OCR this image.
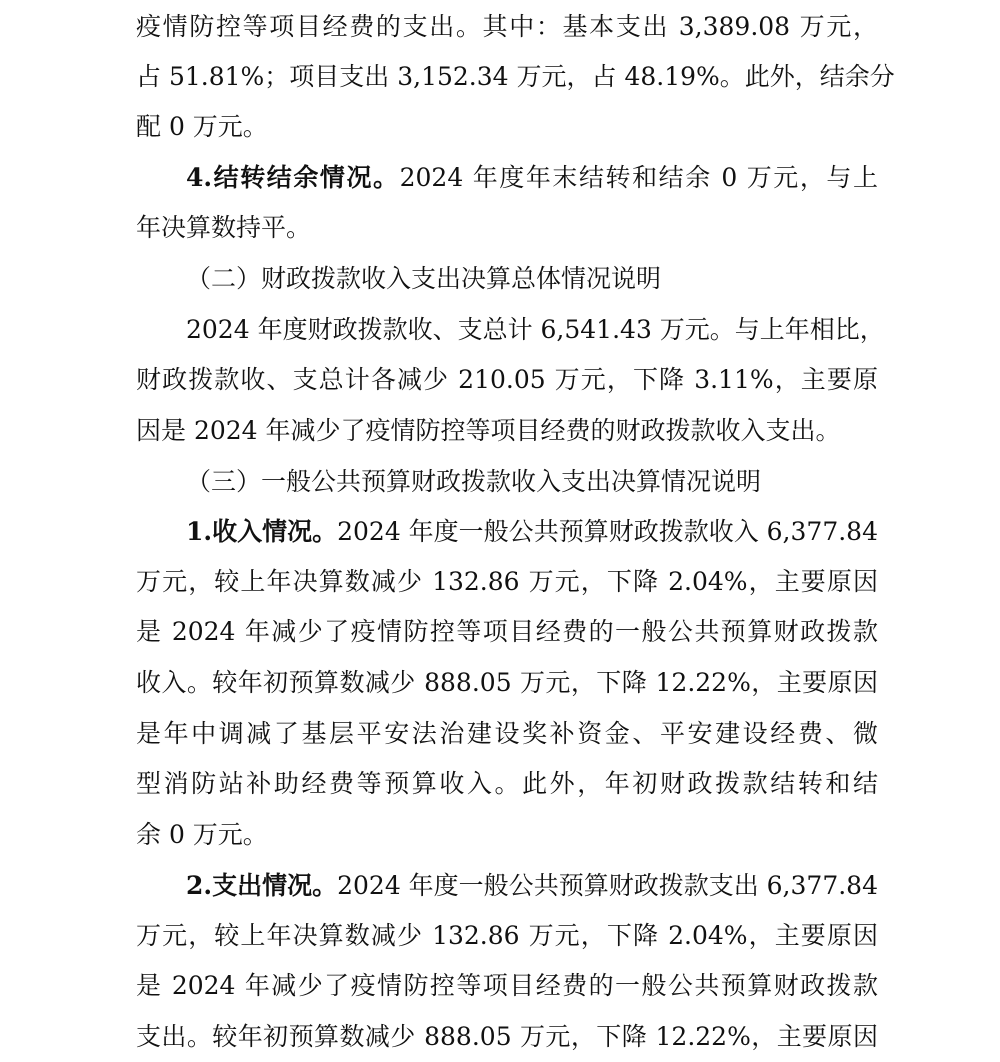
疫情防控等项目经费的支出。其中：基本支出 3,389.08 万元，
占 51.81%；项目支出 3,152.34 万元，占 48.19%。此外，结余分
配 0 万元。
4.结转结余情况。2024 年度年末结转和结余 0 万元，与上
年决算数持平。
（二）财政拨款收入支出决算总体情况说明
2024 年度财政拨款收、支总计 6,541.43 万元。与上年相比，
财政拨款收、支总计各减少 210.05 万元，下降 3.11%，主要原
因是 2024 年减少了疫情防控等项目经费的财政拨款收入支出。
（三）一般公共预算财政拨款收入支出决算情况说明
1.收入情况。2024 年度一般公共预算财政拨款收入 6,377.84
万元，较上年决算数减少 132.86 万元，下降 2.04%，主要原因
是 2024 年减少了疫情防控等项目经费的一般公共预算财政拨款
收入。较年初预算数减少 888.05 万元，下降 12.22%，主要原因
是年中调减了基层平安法治建设奖补资金、平安建设经费、微
型消防站补助经费等预算收入。此外，年初财政拨款结转和结
余 0 万元。
2.支出情况。2024 年度一般公共预算财政拨款支出 6,377.84
万元，较上年决算数减少 132.86 万元，下降 2.04%，主要原因
是 2024 年减少了疫情防控等项目经费的一般公共预算财政拨款
支出。较年初预算数减少 888.05 万元，下降 12.22%，主要原因
